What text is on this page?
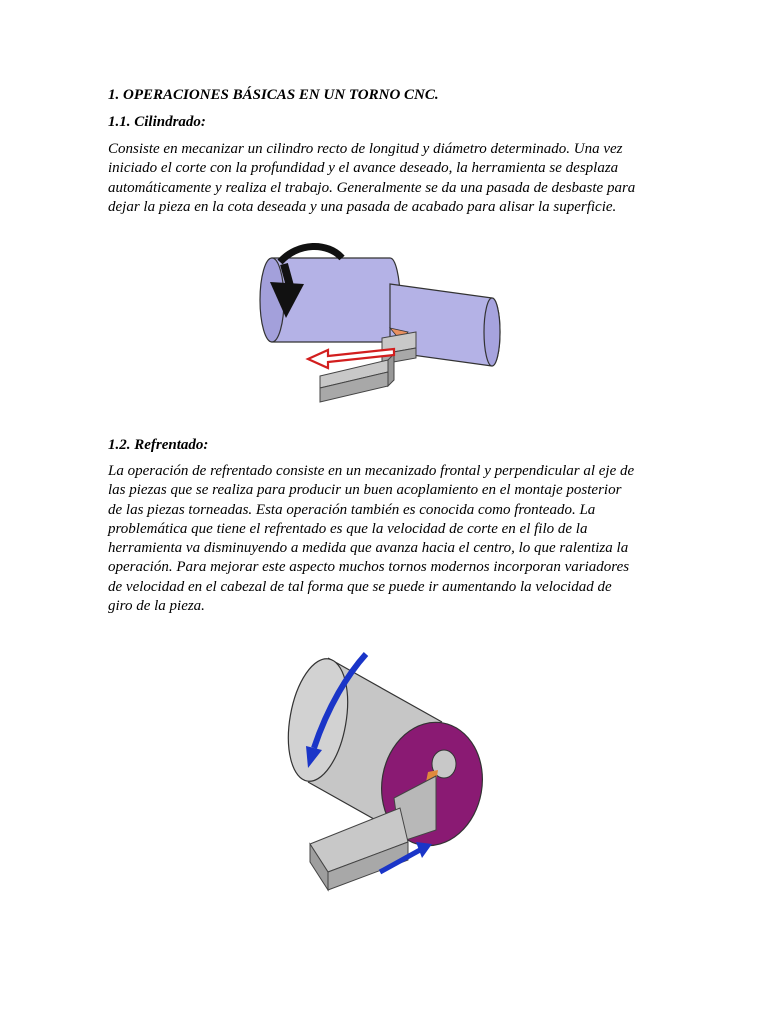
1. OPERACIONES BÁSICAS EN UN TORNO CNC.
1.1. Cilindrado:

Consiste en mecanizar un cilindro recto de longitud y diámetro determinado. Una vez
iniciado el corte con la profundidad y el avance deseado, la herramienta se desplaza
automáticamente y realiza el trabajo. Generalmente se da una pasada de desbaste para
dejar la pieza en la cota deseada y una pasada de acabado para alisar la superficie.

1.2. Refrentado:

La operación de refrentado consiste en un mecanizado frontal y perpendicular al eje de
las piezas que se realiza para producir un buen acoplamiento en el montaje posterior
de las piezas torneadas. Esta operación también es conocida como fronteado. La
problemática que tiene el refrentado es que la velocidad de corte en el filo de la
herramienta va disminuyendo a medida que avanza hacia el centro, lo que ralentiza la
operación. Para mejorar este aspecto muchos tornos modernos incorporan variadores
de velocidad en el cabezal de tal forma que se puede ir aumentando la velocidad de
giro de la pieza.
